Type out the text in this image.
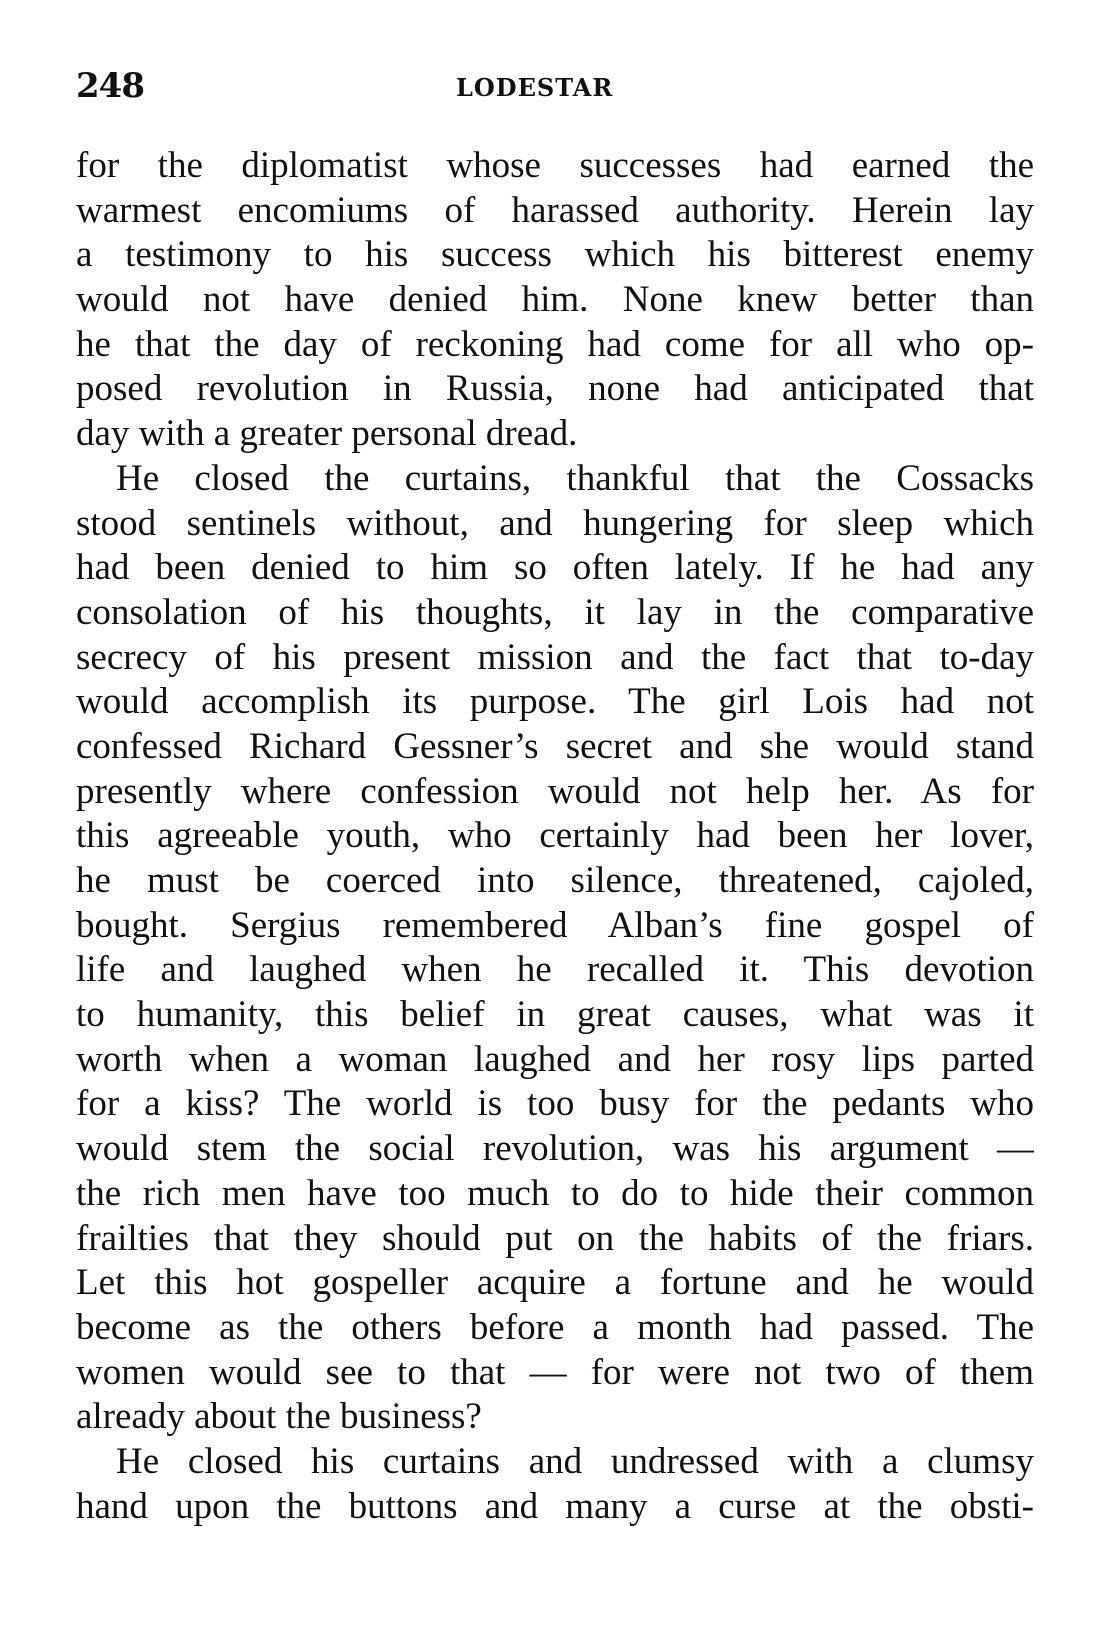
248	LODESTAR
for the diplomatist whose successes had earned the
warmest encomiums of harassed authority. Herein lay
a testimony to his success which his bitterest enemy
would not have denied him. None knew better than
he that the day of reckoning had come for all who op-
posed revolution in Russia, none had anticipated that
day with a greater personal dread.
He closed the curtains, thankful that the Cossacks
stood sentinels without, and hungering for sleep which
had been denied to him so often lately. If he had any
consolation of his thoughts, it lay in the comparative
secrecy of his present mission and the fact that to-day
would accomplish its purpose. The girl Lois had not
confessed Richard Gessner’s secret and she would stand
presently where confession would not help her. As for
this agreeable youth, who certainly had been her lover,
he must be coerced into silence, threatened, cajoled,
bought. Sergius remembered Alban’s fine gospel of
life and laughed when he recalled it. This devotion
to humanity, this belief in great causes, what was it
worth when a woman laughed and her rosy lips parted
for a kiss? The world is too busy for the pedants who
would stem the social revolution, was his argument —
the rich men have too much to do to hide their common
frailties that they should put on the habits of the friars.
Let this hot gospeller acquire a fortune and he would
become as the others before a month had passed. The
women would see to that — for were not two of them
already about the business?
He closed his curtains and undressed with a clumsy
hand upon the buttons and many a curse at the obsti-
